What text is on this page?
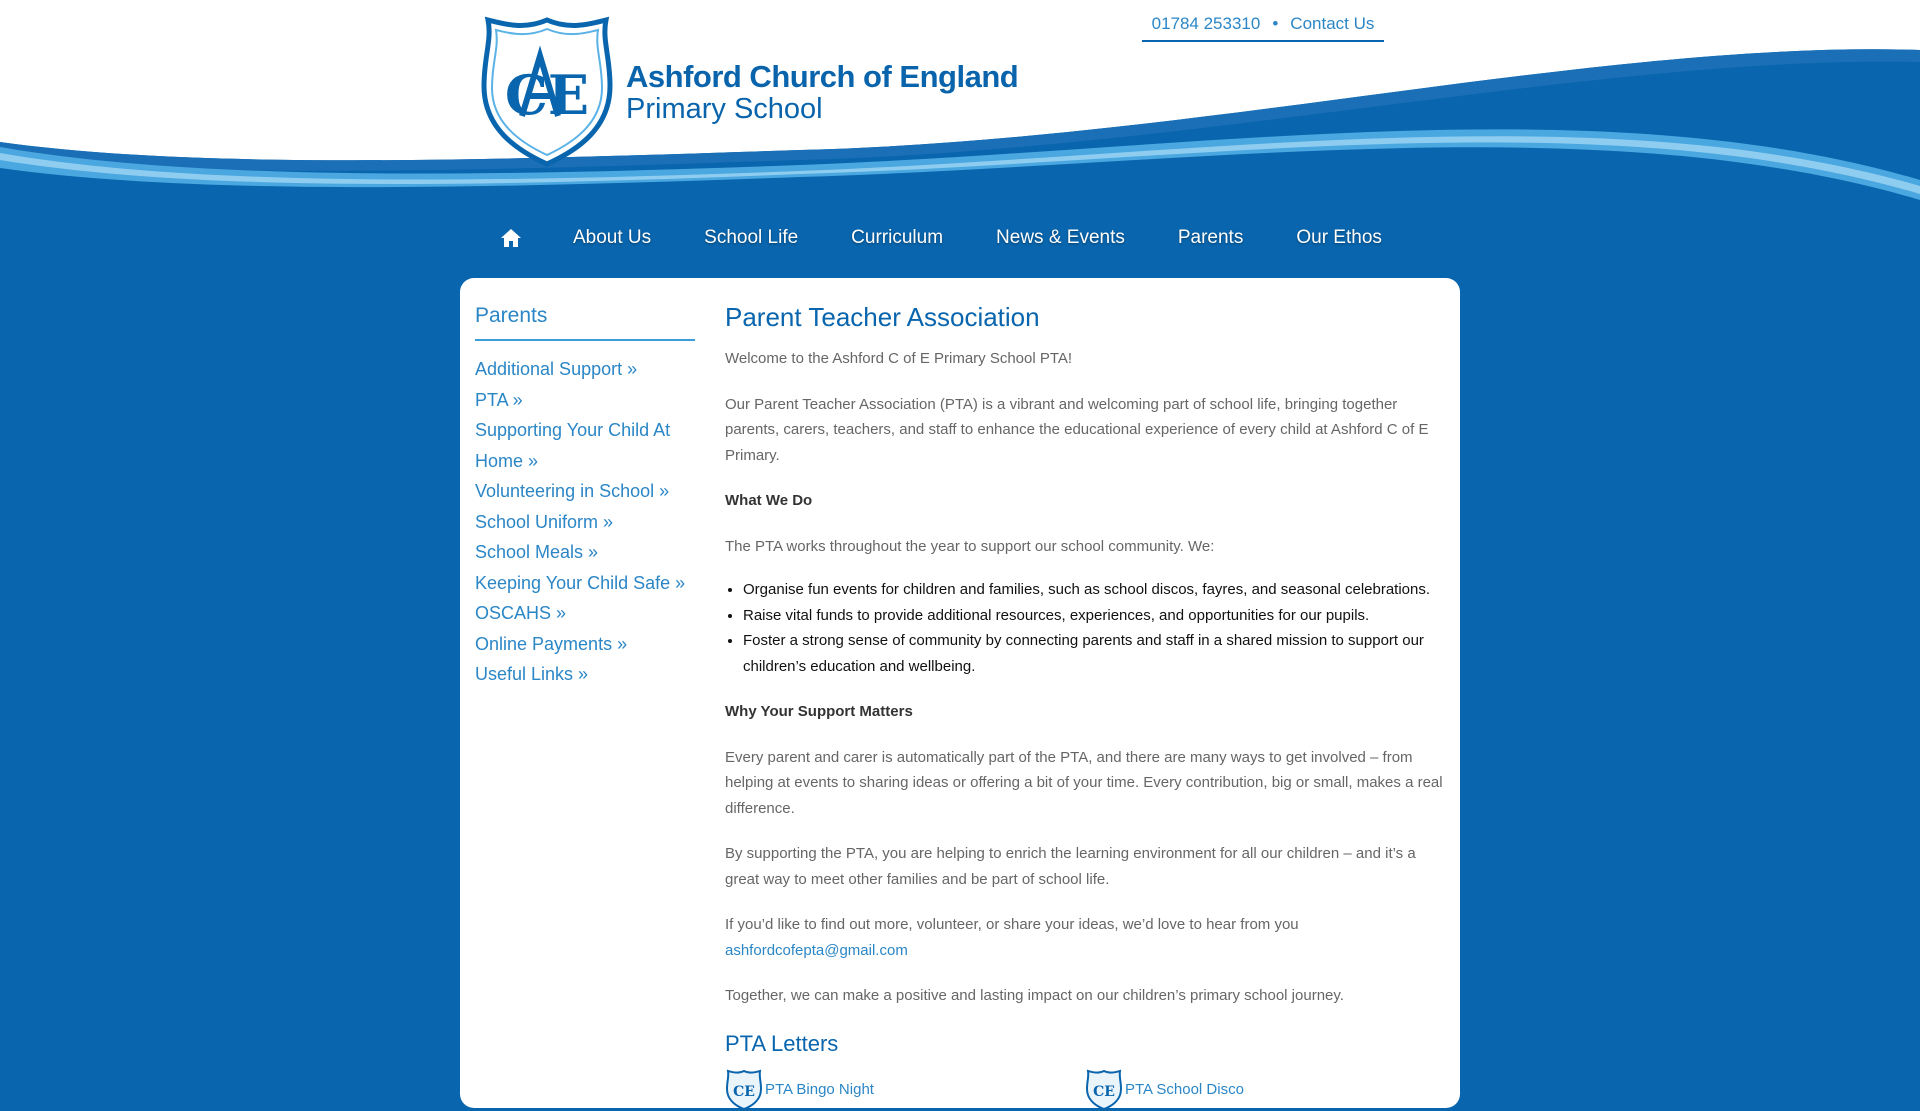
CE Ashford Church of England
Primary School
01784 253310 • Contact Us
About Us	School Life	Curriculum	News & Events	Parents	Our Ethos
Parents
Additional Support »
PTA »
Supporting Your Child At Home »
Volunteering in School »
School Uniform »
School Meals »
Keeping Your Child Safe »
OSCAHS »
Online Payments »
Useful Links »
Parent Teacher Association

Welcome to the Ashford C of E Primary School PTA!

Our Parent Teacher Association (PTA) is a vibrant and welcoming part of school life, bringing together parents, carers, teachers, and staff to enhance the educational experience of every child at Ashford C of E Primary.

What We Do

The PTA works throughout the year to support our school community. We:

• Organise fun events for children and families, such as school discos, fayres, and seasonal celebrations.
• Raise vital funds to provide additional resources, experiences, and opportunities for our pupils.
• Foster a strong sense of community by connecting parents and staff in a shared mission to support our children’s education and wellbeing.

Why Your Support Matters

Every parent and carer is automatically part of the PTA, and there are many ways to get involved – from helping at events to sharing ideas or offering a bit of your time. Every contribution, big or small, makes a real difference.

By supporting the PTA, you are helping to enrich the learning environment for all our children – and it’s a great way to meet other families and be part of school life.

If you’d like to find out more, volunteer, or share your ideas, we’d love to hear from you
ashfordcofepta@gmail.com

Together, we can make a positive and lasting impact on our children’s primary school journey.

PTA Letters
CE PTA Bingo Night	CE PTA School Disco
